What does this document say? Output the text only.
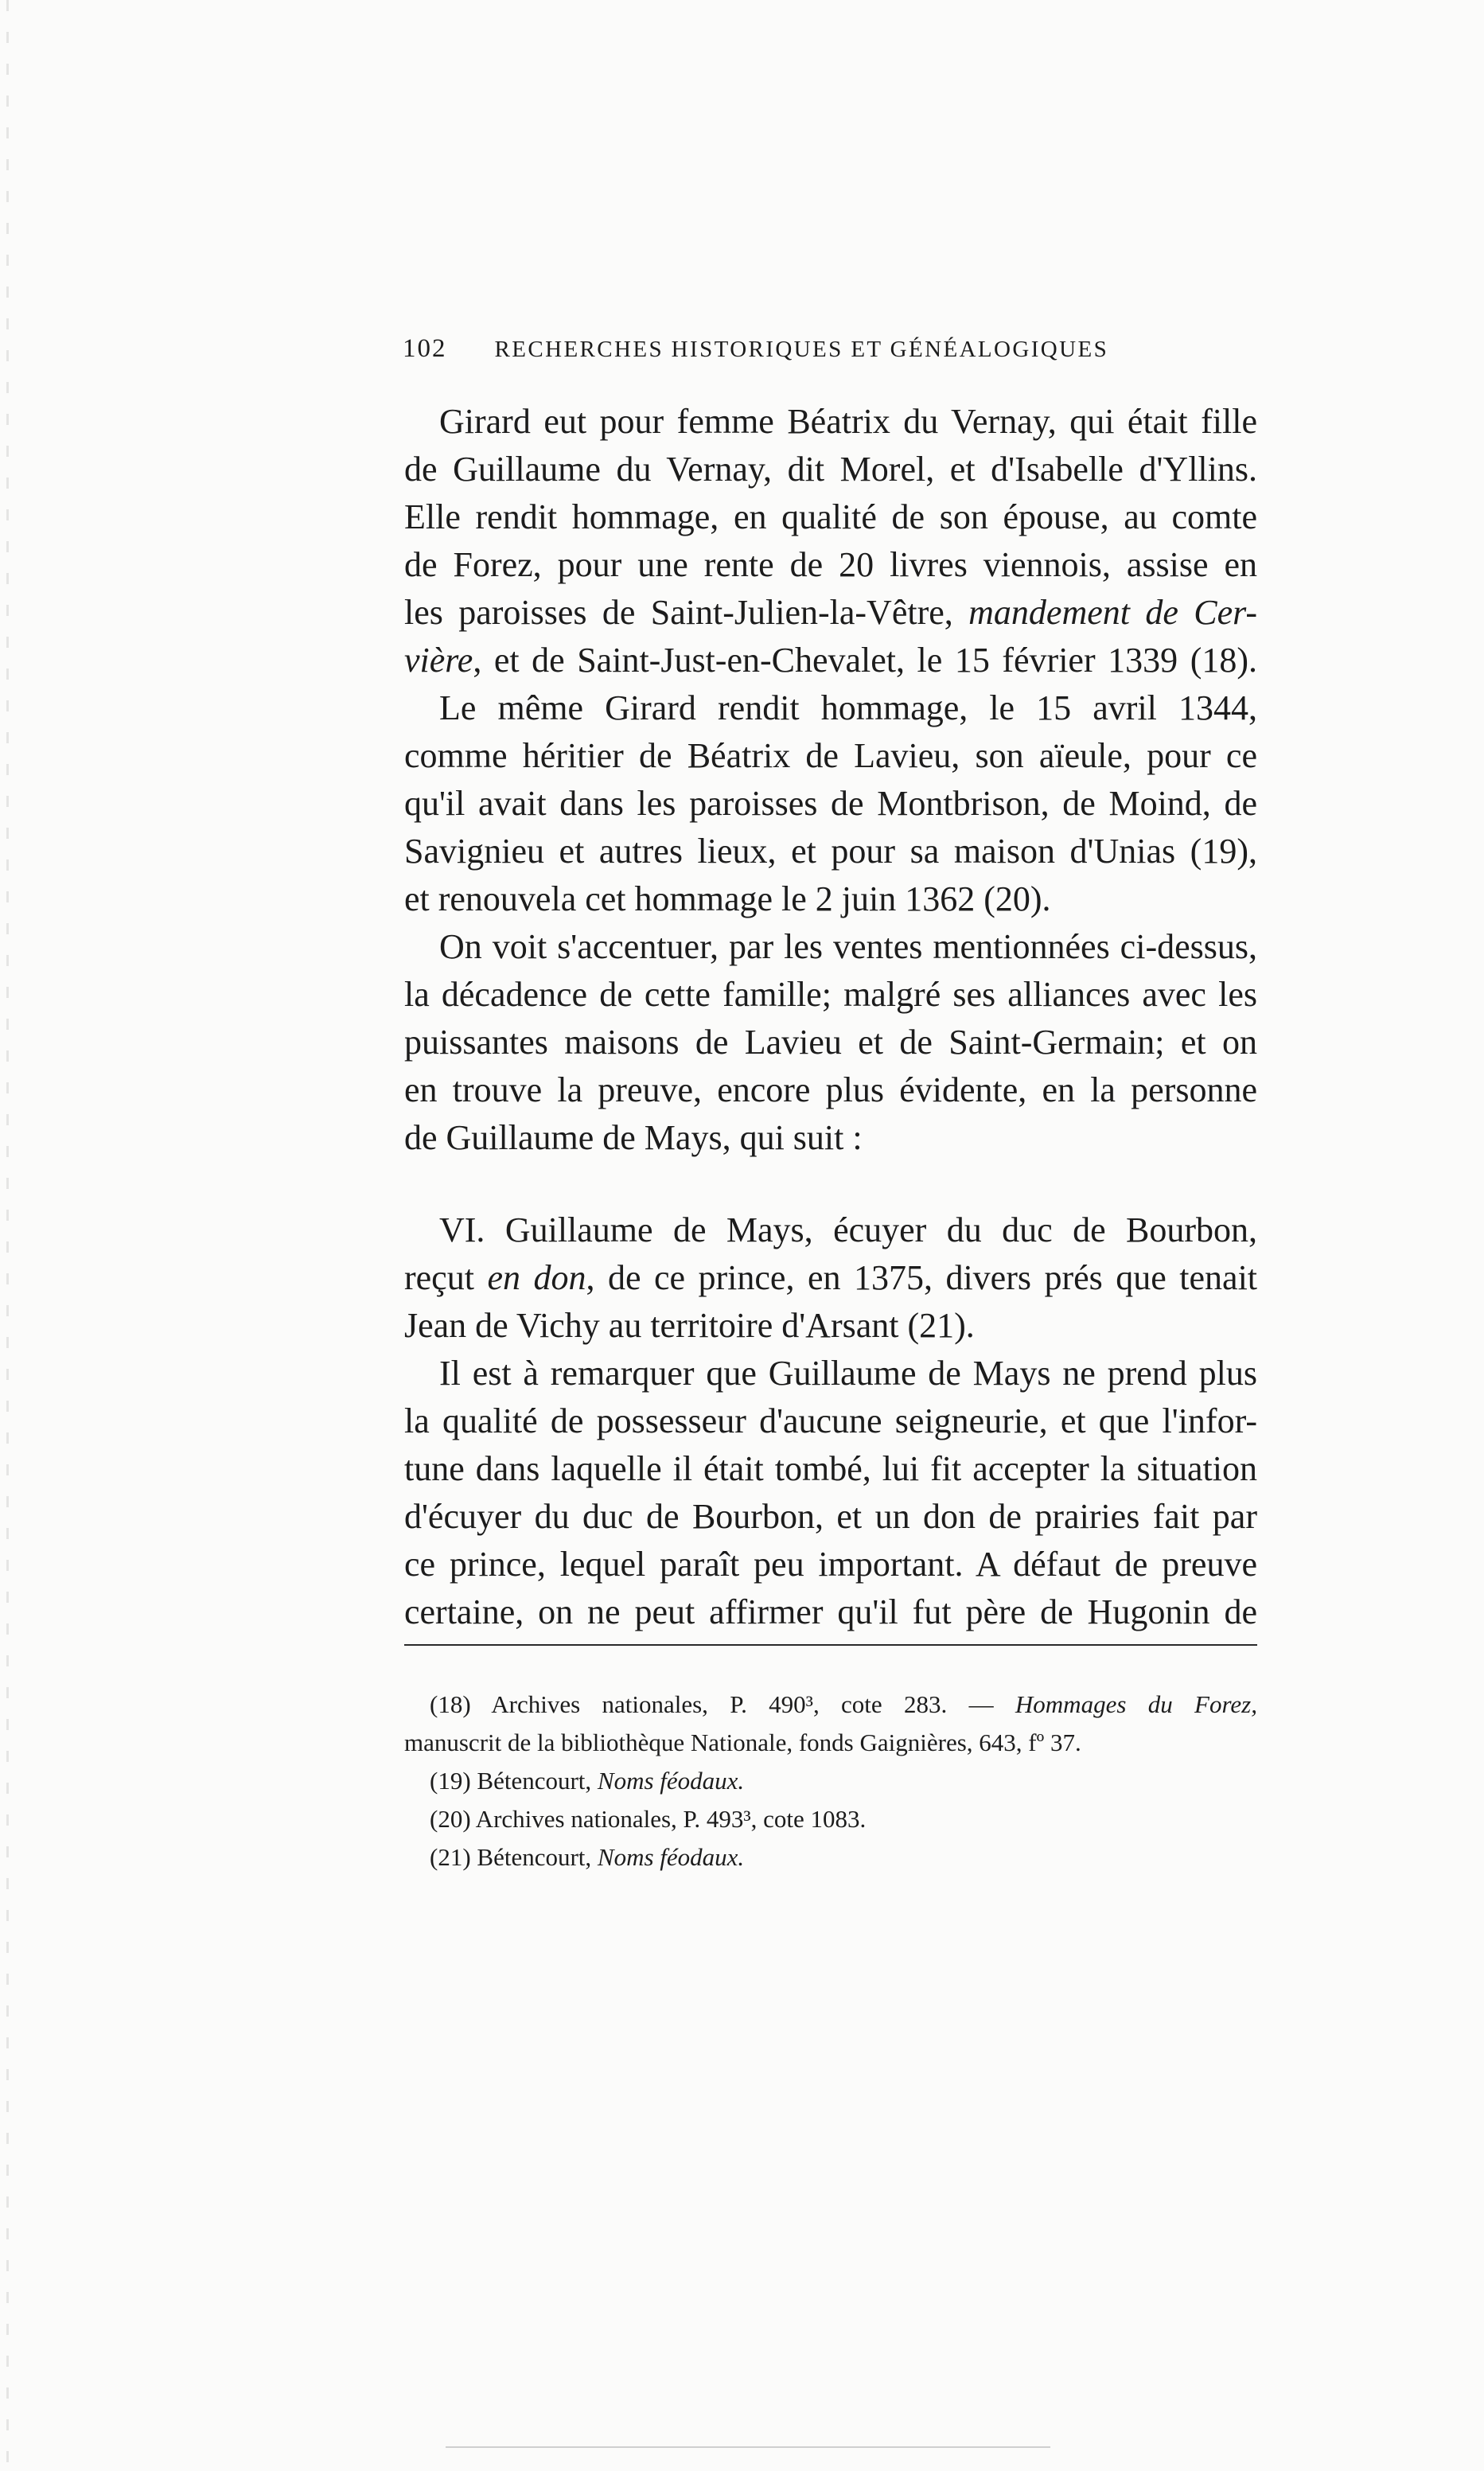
102 RECHERCHES HISTORIQUES ET GÉNÉALOGIQUES
Girard eut pour femme Béatrix du Vernay, qui était fille
de Guillaume du Vernay, dit Morel, et d'Isabelle d'Yllins.
Elle rendit hommage, en qualité de son épouse, au comte
de Forez, pour une rente de 20 livres viennois, assise en
les paroisses de Saint-Julien-la-Vêtre, mandement de Cer-
vière, et de Saint-Just-en-Chevalet, le 15 février 1339 (18).
Le même Girard rendit hommage, le 15 avril 1344,
comme héritier de Béatrix de Lavieu, son aïeule, pour ce
qu'il avait dans les paroisses de Montbrison, de Moind, de
Savignieu et autres lieux, et pour sa maison d'Unias (19),
et renouvela cet hommage le 2 juin 1362 (20).
On voit s'accentuer, par les ventes mentionnées ci-dessus,
la décadence de cette famille; malgré ses alliances avec les
puissantes maisons de Lavieu et de Saint-Germain; et on
en trouve la preuve, encore plus évidente, en la personne
de Guillaume de Mays, qui suit :
VI. Guillaume de Mays, écuyer du duc de Bourbon,
reçut en don, de ce prince, en 1375, divers prés que tenait
Jean de Vichy au territoire d'Arsant (21).
Il est à remarquer que Guillaume de Mays ne prend plus
la qualité de possesseur d'aucune seigneurie, et que l'infor-
tune dans laquelle il était tombé, lui fit accepter la situation
d'écuyer du duc de Bourbon, et un don de prairies fait par
ce prince, lequel paraît peu important. A défaut de preuve
certaine, on ne peut affirmer qu'il fut père de Hugonin de
(18) Archives nationales, P. 490³, cote 283. — Hommages du Forez,
manuscrit de la bibliothèque Nationale, fonds Gaignières, 643, fº 37.
(19) Bétencourt, Noms féodaux.
(20) Archives nationales, P. 493³, cote 1083.
(21) Bétencourt, Noms féodaux.
